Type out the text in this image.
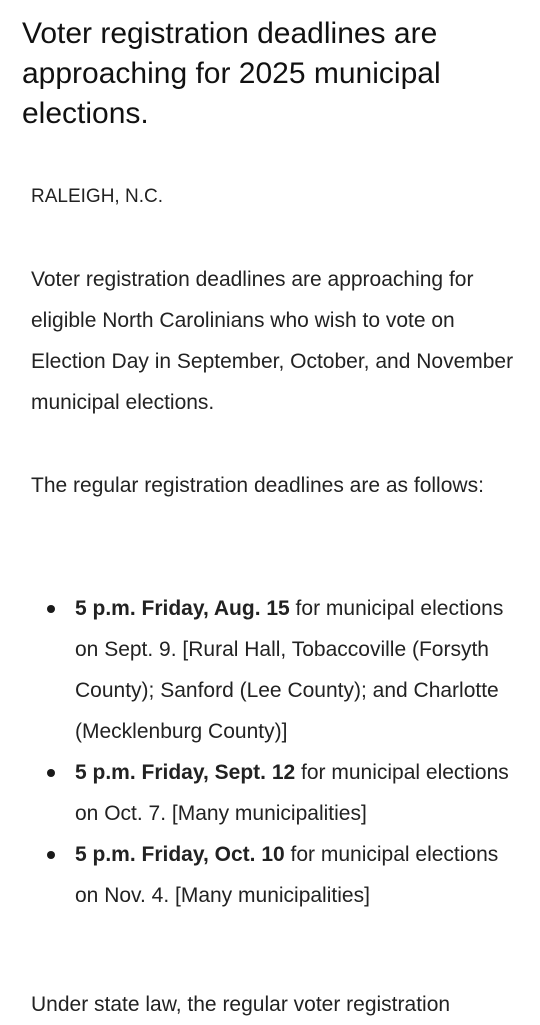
Voter registration deadlines are approaching for 2025 municipal elections.
RALEIGH, N.C.

Voter registration deadlines are approaching for eligible North Carolinians who wish to vote on Election Day in September, October, and November municipal elections.

The regular registration deadlines are as follows:

5 p.m. Friday, Aug. 15 for municipal elections on Sept. 9. [Rural Hall, Tobaccoville (Forsyth County); Sanford (Lee County); and Charlotte (Mecklenburg County)]
5 p.m. Friday, Sept. 12 for municipal elections on Oct. 7. [Many municipalities]
5 p.m. Friday, Oct. 10 for municipal elections on Nov. 4. [Many municipalities]
Under state law, the regular voter registration
